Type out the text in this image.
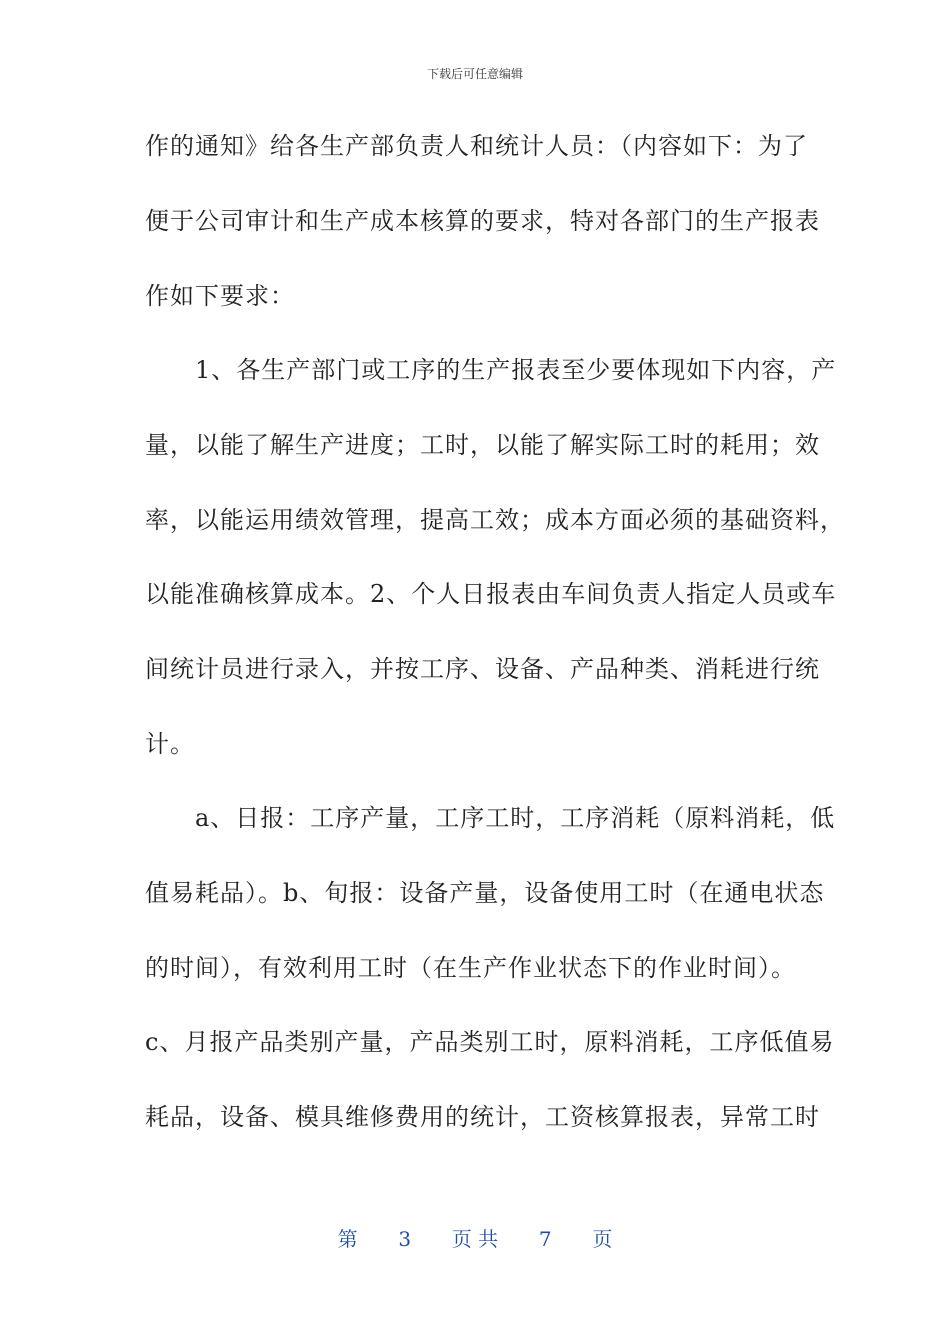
下载后可任意编辑
作的通知》给各生产部负责人和统计人员：（内容如下：为了
便于公司审计和生产成本核算的要求，特对各部门的生产报表
作如下要求：
　　1、各生产部门或工序的生产报表至少要体现如下内容，产
量，以能了解生产进度；工时，以能了解实际工时的耗用；效
率，以能运用绩效管理，提高工效；成本方面必须的基础资料，
以能准确核算成本。2、个人日报表由车间负责人指定人员或车
间统计员进行录入，并按工序、设备、产品种类、消耗进行统
计。
　　a、日报：工序产量，工序工时，工序消耗（原料消耗，低
值易耗品）。b、旬报：设备产量，设备使用工时（在通电状态
的时间），有效利用工时（在生产作业状态下的作业时间）。
c、月报产品类别产量，产品类别工时，原料消耗，工序低值易
耗品，设备、模具维修费用的统计，工资核算报表，异常工时
第 3 页 共 7 页
